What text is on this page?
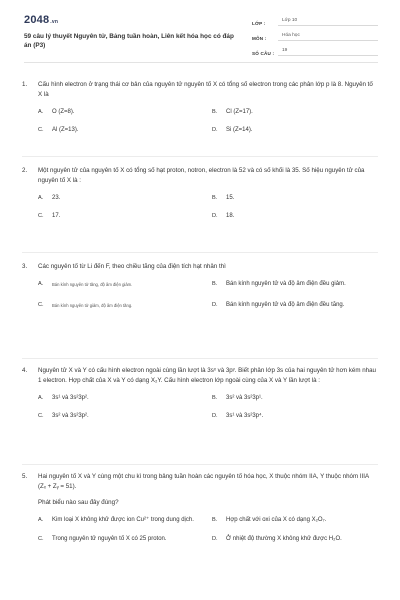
2048.vn
59 câu lý thuyết Nguyên tử, Bảng tuần hoàn, Liên kết hóa học có đáp án (P3)
LỚP :
Lớp 10
MÔN :
Hóa học
SỐ CÂU :
19
1.	Cấu hình electron ở trạng thái cơ bản của nguyên tử nguyên tố X có tổng số electron trong các phân lớp p là 8. Nguyên tố X là
A.	O (Z=8).	B.	Cl (Z=17).
C.	Al (Z=13).	D.	Si (Z=14).
2.	Một nguyên tử của nguyên tố X có tổng số hạt proton, notron, electron là 52 và có số khối là 35. Số hiệu nguyên tử của nguyên tố X là :
A.	23.	B.	15.
C.	17.	D.	18.
3.	Các nguyên tố từ Li đến F, theo chiều tăng của điện tích hạt nhân thì
A.	Bán kính nguyên tử tăng, độ âm điện giảm.	B.	Bán kính nguyên tử và độ âm điện đều giảm.
C.	Bán kính nguyên tử giảm, độ âm điện tăng.	D.	Bán kính nguyên tử và độ âm điện đều tăng.
4.	Nguyên tử X và Y có cấu hình electron ngoài cùng lần lượt là 3sˣ và 3pʸ. Biết phân lớp 3s của hai nguyên tử hơn kém nhau 1 electron. Hợp chất của X và Y có dạng X₂Y. Cấu hình electron lớp ngoài cùng của X và Y lần lượt là :
A.	3s¹ và 3s²3p².	B.	3s² và 3s²3p¹.
C.	3s² và 3s²3p².	D.	3s¹ và 3s²3p⁴.
5.	Hai nguyên tố X và Y cùng một chu kì trong bảng tuần hoàn các nguyên tố hóa học, X thuộc nhóm IIA, Y thuộc nhóm IIIA (Zₓ + Zᵧ = 51).
Phát biểu nào sau đây đúng?
A.	Kim loại X không khử được ion Cu²⁺ trong dung dịch.	B.	Hợp chất với oxi của X có dạng X₂O₇.
C.	Trong nguyên tử nguyên tố X có 25 proton.	D.	Ở nhiệt độ thường X không khử được H₂O.
